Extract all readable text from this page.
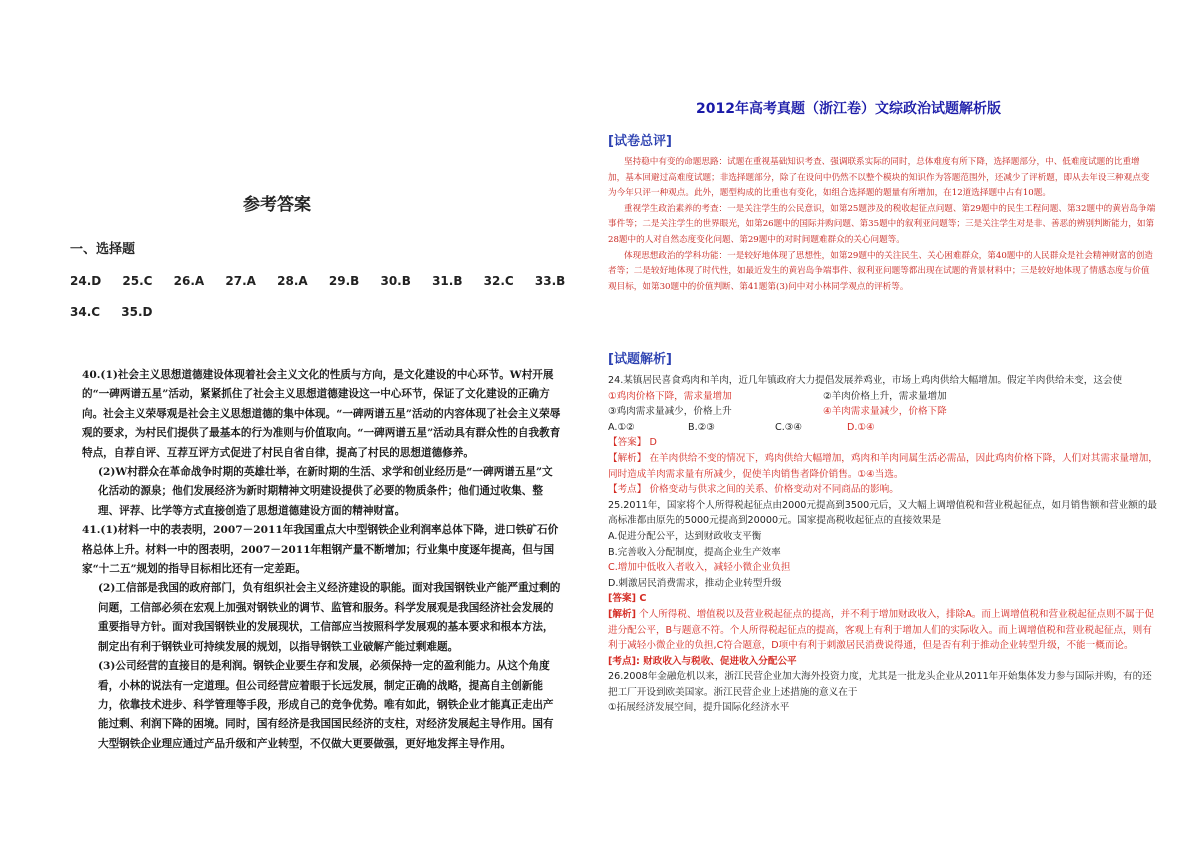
参考答案
一、选择题
24.D 25.C 26.A 27.A 28.A 29.B 30.B 31.B 32.C 33.B
34.C 35.D

40.(1)社会主义思想道德建设体现着社会主义文化的性质与方向，是文化建设的中心环节。W村开展的“一碑两谱五星”活动，紧紧抓住了社会主义思想道德建设这一中心环节，保证了文化建设的正确方向。社会主义荣辱观是社会主义思想道德的集中体现。“一碑两谱五星”活动的内容体现了社会主义荣辱观的要求，为村民们提供了最基本的行为准则与价值取向。“一碑两谱五星”活动具有群众性的自我教育特点，自荐自评、互荐互评方式促进了村民自省自律，提高了村民的思想道德修养。

(2)W村群众在革命战争时期的英雄壮举，在新时期的生活、求学和创业经历是“一碑两谱五星”文化活动的源泉；他们发展经济为新时期精神文明建设提供了必要的物质条件；他们通过收集、整理、评荐、比学等方式直接创造了思想道德建设方面的精神财富。

41.(1)材料一中的表表明，2007－2011年我国重点大中型钢铁企业利润率总体下降，进口铁矿石价格总体上升。材料一中的图表明，2007－2011年粗钢产量不断增加；行业集中度逐年提高，但与国家“十二五”规划的指导目标相比还有一定差距。

(2)工信部是我国的政府部门，负有组织社会主义经济建设的职能。面对我国钢铁业产能严重过剩的问题，工信部必须在宏观上加强对钢铁业的调节、监管和服务。科学发展观是我国经济社会发展的重要指导方针。面对我国钢铁业的发展现状，工信部应当按照科学发展观的基本要求和根本方法，制定出有利于钢铁业可持续发展的规划，以指导钢铁工业破解产能过剩难题。

(3)公司经营的直接目的是利润。钢铁企业要生存和发展，必须保持一定的盈利能力。从这个角度看，小林的说法有一定道理。但公司经营应着眼于长远发展，制定正确的战略，提高自主创新能力，依靠技术进步、科学管理等手段，形成自己的竞争优势。唯有如此，钢铁企业才能真正走出产能过剩、利润下降的困境。同时，国有经济是我国国民经济的支柱，对经济发展起主导作用。国有大型钢铁企业理应通过产品升级和产业转型，不仅做大更要做强，更好地发挥主导作用。

2012年高考真题（浙江卷）文综政治试题解析版
[试卷总评]

坚持稳中有变的命题思路：试题在重视基础知识考查、强调联系实际的同时，总体难度有所下降，选择题部分，中、低难度试题的比重增加，基本回避过高难度试题；非选择题部分，除了在设问中仍然不以整个模块的知识作为答题范围外，还减少了评析题，即从去年设三种观点变为今年只评一种观点。此外，题型构成的比重也有变化，如组合选择题的题量有所增加，在12道选择题中占有10题。

重视学生政治素养的考查：一是关注学生的公民意识，如第25题涉及的税收起征点问题、第29题中的民生工程问题、第32题中的黄岩岛争端事件等；二是关注学生的世界眼光，如第26题中的国际并购问题、第35题中的叙利亚问题等；三是关注学生对是非、善恶的辨别判断能力，如第28题中的人对自然态度变化问题、第29题中的对时间题难群众的关心问题等。

体现思想政治的学科功能：一是较好地体现了思想性，如第29题中的关注民生、关心困难群众，第40题中的人民群众是社会精神财富的创造者等；二是较好地体现了时代性，如最近发生的黄岩岛争端事件、叙利亚问题等都出现在试题的背景材料中；三是较好地体现了情感态度与价值观目标，如第30题中的价值判断、第41题第(3)问中对小林同学观点的评析等。

[试题解析]

24.某镇居民喜食鸡肉和羊肉，近几年镇政府大力提倡发展养鸡业，市场上鸡肉供给大幅增加。假定羊肉供给未变，这会使

①鸡肉价格下降，需求量增加	②羊肉价格上升，需求量增加

③鸡肉需求量减少，价格上升	④羊肉需求量减少，价格下降

A.①②	B.②③	C.③④	D.①④

【答案】 D

【解析】 在羊肉供给不变的情况下，鸡肉供给大幅增加，鸡肉和羊肉同属生活必需品，因此鸡肉价格下降，人们对其需求量增加，同时造成羊肉需求量有所减少，促使羊肉销售者降价销售。①④当选。

【考点】 价格变动与供求之间的关系、价格变动对不同商品的影响。

25.2011年，国家将个人所得税起征点由2000元提高到3500元后，又大幅上调增值税和营业税起征点，如月销售额和营业额的最高标准都由原先的5000元提高到20000元。国家提高税收起征点的直接效果是

A.促进分配公平，达到财政收支平衡

B.完善收入分配制度，提高企业生产效率

C.增加中低收入者收入，减轻小微企业负担

D.刺激居民消费需求，推动企业转型升级

[答案] C

[解析] 个人所得税、增值税以及营业税起征点的提高，并不利于增加财政收入，排除A。而上调增值税和营业税起征点则不属于促进分配公平，B与题意不符。个人所得税起征点的提高，客观上有利于增加人们的实际收入。而上调增值税和营业税起征点，则有利于减轻小微企业的负担,C符合题意，D项中有利于刺激居民消费说得通，但是否有利于推动企业转型升级，不能一概而论。

[考点]: 财政收入与税收、促进收入分配公平

26.2008年金融危机以来，浙江民营企业加大海外投资力度，尤其是一批龙头企业从2011年开始集体发力参与国际并购，有的还把工厂开设到欧美国家。浙江民营企业上述措施的意义在于

①拓展经济发展空间，提升国际化经济水平
